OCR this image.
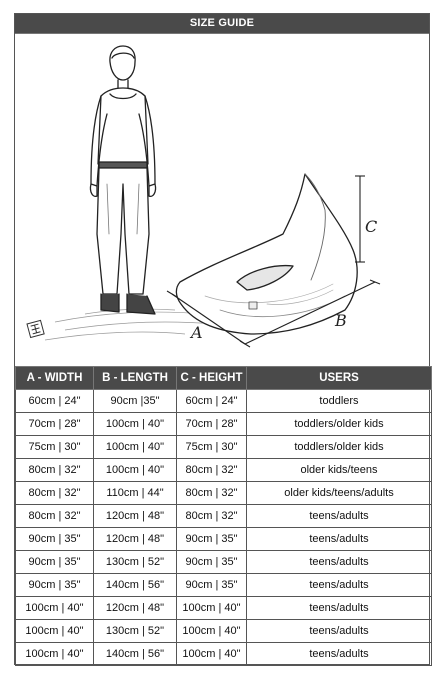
SIZE GUIDE
A
B
C
A - WIDTH	B - LENGTH	C - HEIGHT	USERS
60cm | 24"	90cm |35"	60cm | 24"	toddlers
70cm | 28"	100cm | 40"	70cm | 28"	toddlers/older kids
75cm | 30"	100cm | 40"	75cm | 30"	toddlers/older kids
80cm | 32"	100cm | 40"	80cm | 32"	older kids/teens
80cm | 32"	110cm | 44"	80cm | 32"	older kids/teens/adults
80cm | 32"	120cm | 48"	80cm | 32"	teens/adults
90cm | 35"	120cm | 48"	90cm | 35"	teens/adults
90cm | 35"	130cm | 52"	90cm | 35"	teens/adults
90cm | 35"	140cm | 56"	90cm | 35"	teens/adults
100cm | 40"	120cm | 48"	100cm | 40"	teens/adults
100cm | 40"	130cm | 52"	100cm | 40"	teens/adults
100cm | 40"	140cm | 56"	100cm | 40"	teens/adults
